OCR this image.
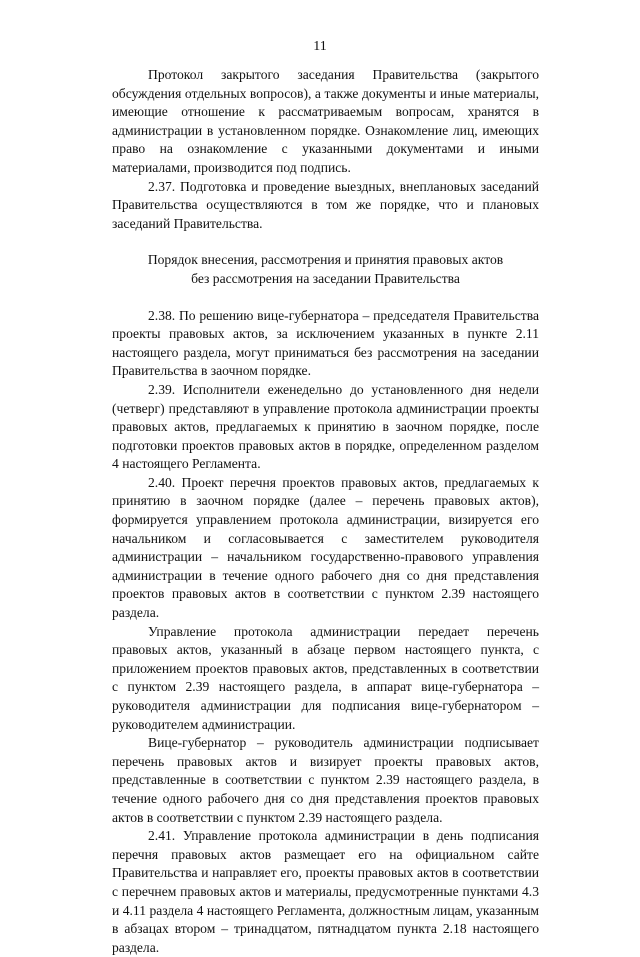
11

Протокол закрытого заседания Правительства (закрытого обсуждения отдельных вопросов), а также документы и иные материалы, имеющие отношение к рассматриваемым вопросам, хранятся в администрации в установленном порядке. Ознакомление лиц, имеющих право на ознакомление с указанными документами и иными материалами, производится под подпись.

2.37. Подготовка и проведение выездных, внеплановых заседаний Правительства осуществляются в том же порядке, что и плановых заседаний Правительства.

Порядок внесения, рассмотрения и принятия правовых актов
без рассмотрения на заседании Правительства

2.38. По решению вице-губернатора – председателя Правительства проекты правовых актов, за исключением указанных в пункте 2.11 настоящего раздела, могут приниматься без рассмотрения на заседании Правительства в заочном порядке.

2.39. Исполнители еженедельно до установленного дня недели (четверг) представляют в управление протокола администрации проекты правовых актов, предлагаемых к принятию в заочном порядке, после подготовки проектов правовых актов в порядке, определенном разделом 4 настоящего Регламента.

2.40. Проект перечня проектов правовых актов, предлагаемых к принятию в заочном порядке (далее – перечень правовых актов), формируется управлением протокола администрации, визируется его начальником и согласовывается с заместителем руководителя администрации – начальником государственно-правового управления администрации в течение одного рабочего дня со дня представления проектов правовых актов в соответствии с пунктом 2.39 настоящего раздела.

Управление протокола администрации передает перечень правовых актов, указанный в абзаце первом настоящего пункта, с приложением проектов правовых актов, представленных в соответствии с пунктом 2.39 настоящего раздела, в аппарат вице-губернатора – руководителя администрации для подписания вице-губернатором – руководителем администрации.

Вице-губернатор – руководитель администрации подписывает перечень правовых актов и визирует проекты правовых актов, представленные в соответствии с пунктом 2.39 настоящего раздела, в течение одного рабочего дня со дня представления проектов правовых актов в соответствии с пунктом 2.39 настоящего раздела.

2.41. Управление протокола администрации в день подписания перечня правовых актов размещает его на официальном сайте Правительства и направляет его, проекты правовых актов в соответствии с перечнем правовых актов и материалы, предусмотренные пунктами 4.3 и 4.11 раздела 4 настоящего Регламента, должностным лицам, указанным в абзацах втором – тринадцатом, пятнадцатом пункта 2.18 настоящего раздела.
